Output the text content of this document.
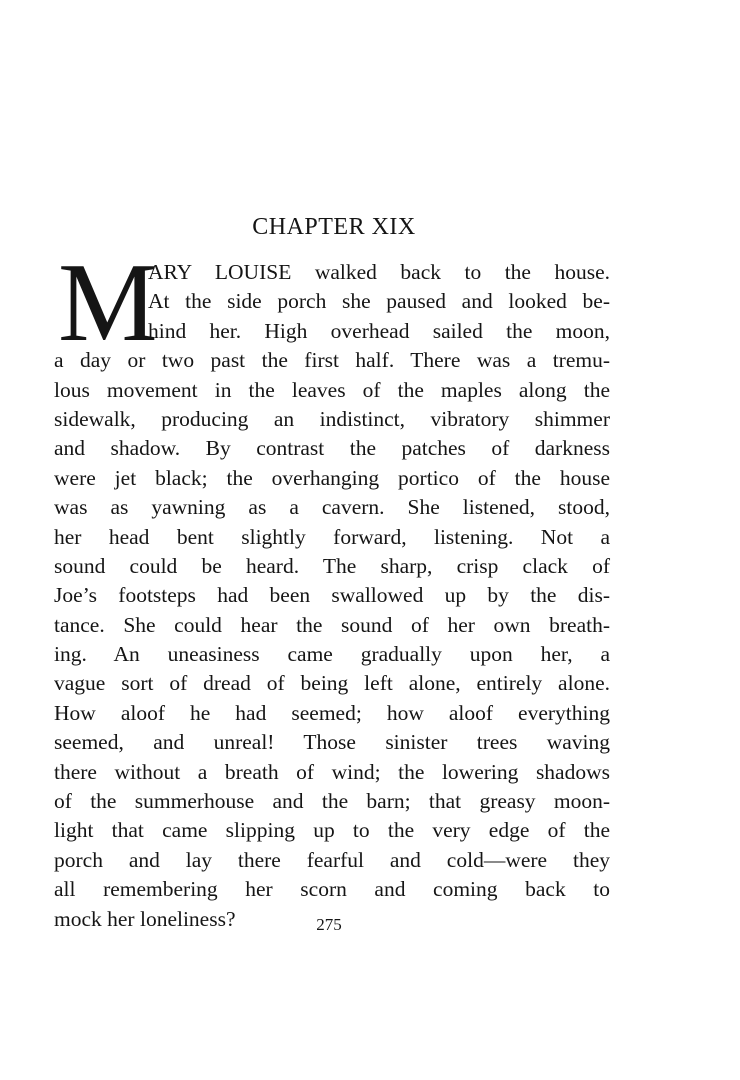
CHAPTER XIX
M
ARY LOUISE walked back to the house.
At the side porch she paused and looked be-
hind her. High overhead sailed the moon,
a day or two past the first half. There was a tremu-
lous movement in the leaves of the maples along the
sidewalk, producing an indistinct, vibratory shimmer
and shadow. By contrast the patches of darkness
were jet black; the overhanging portico of the house
was as yawning as a cavern. She listened, stood,
her head bent slightly forward, listening. Not a
sound could be heard. The sharp, crisp clack of
Joe’s footsteps had been swallowed up by the dis-
tance. She could hear the sound of her own breath-
ing. An uneasiness came gradually upon her, a
vague sort of dread of being left alone, entirely alone.
How aloof he had seemed; how aloof everything
seemed, and unreal! Those sinister trees waving
there without a breath of wind; the lowering shadows
of the summerhouse and the barn; that greasy moon-
light that came slipping up to the very edge of the
porch and lay there fearful and cold—were they
all remembering her scorn and coming back to
mock her loneliness?	275
